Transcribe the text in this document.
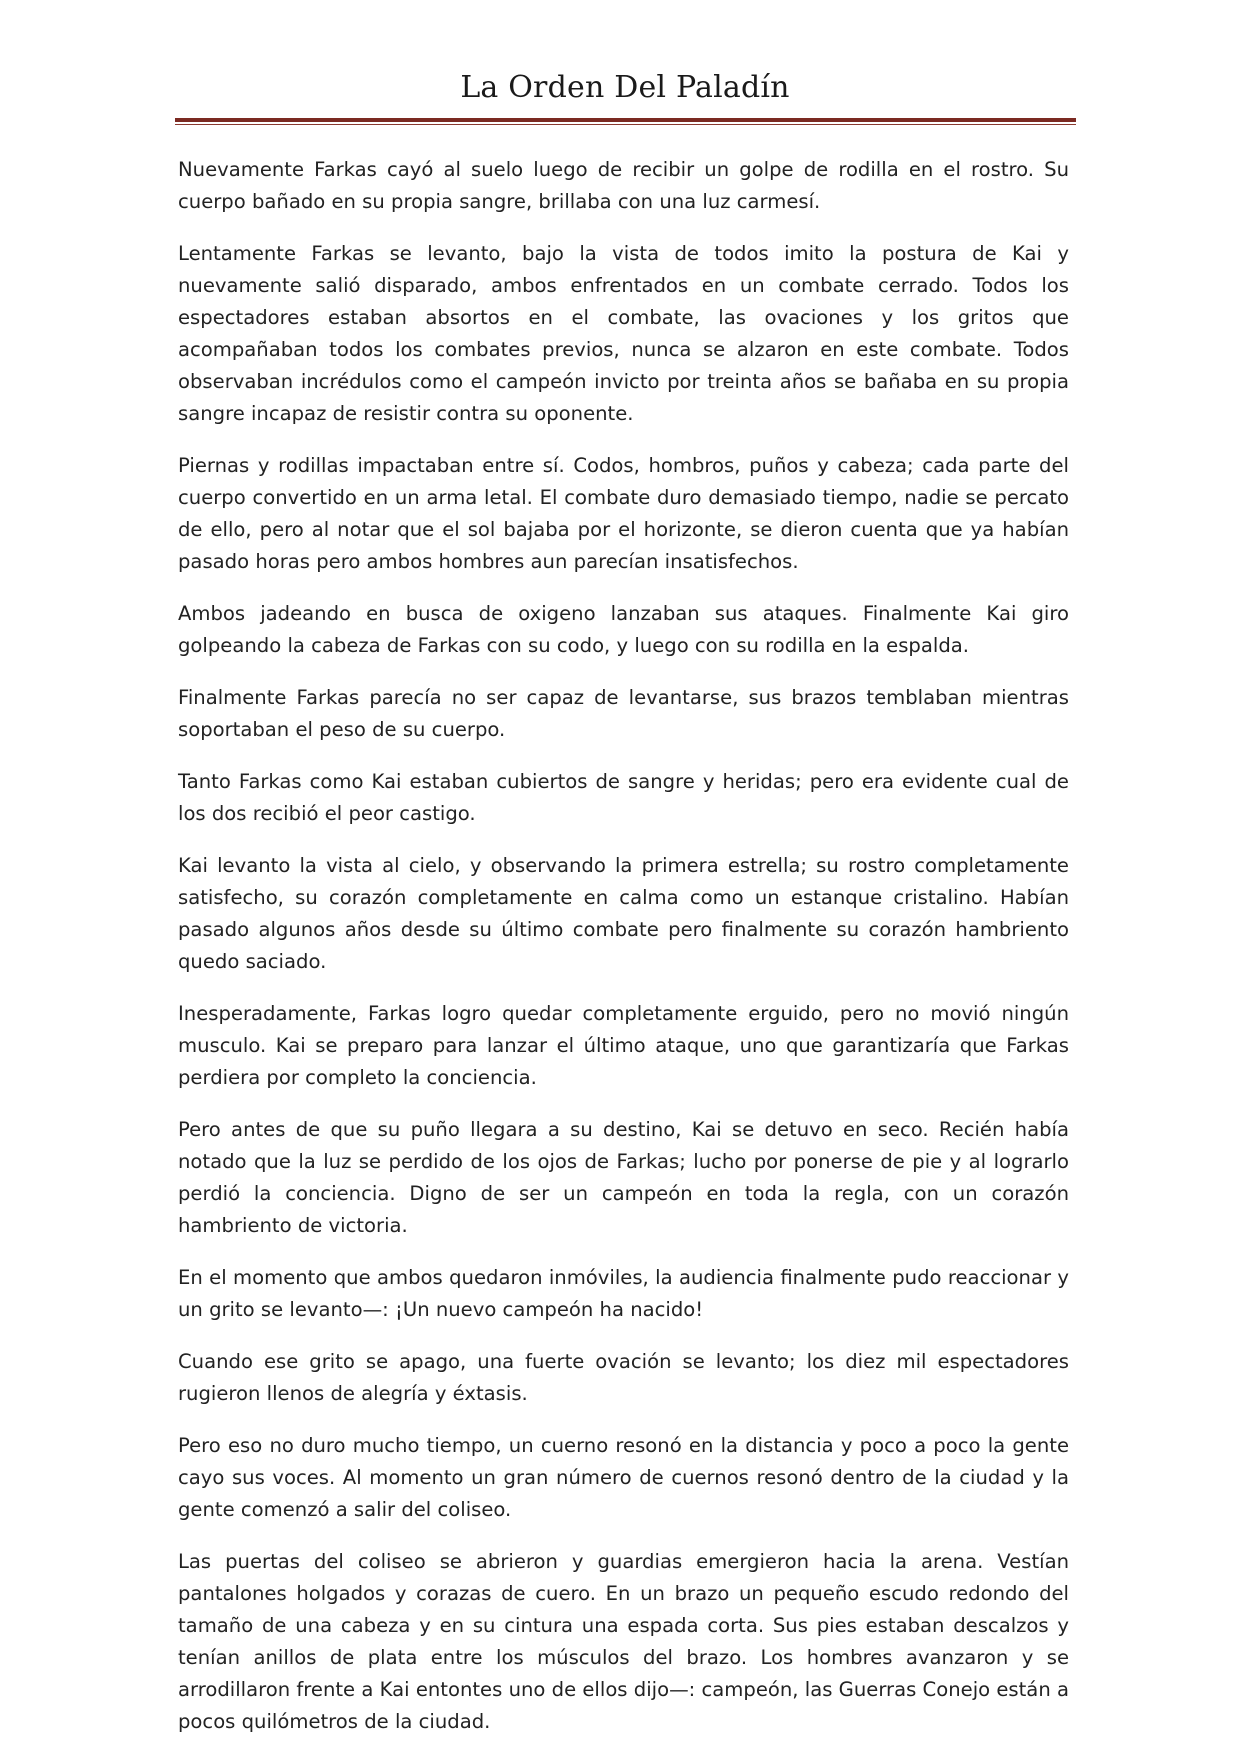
La Orden Del Paladín

Nuevamente Farkas cayó al suelo luego de recibir un golpe de rodilla en el rostro. Su cuerpo bañado en su propia sangre, brillaba con una luz carmesí.

Lentamente Farkas se levanto, bajo la vista de todos imito la postura de Kai y nuevamente salió disparado, ambos enfrentados en un combate cerrado. Todos los espectadores estaban absortos en el combate, las ovaciones y los gritos que acompañaban todos los combates previos, nunca se alzaron en este combate. Todos observaban incrédulos como el campeón invicto por treinta años se bañaba en su propia sangre incapaz de resistir contra su oponente.

Piernas y rodillas impactaban entre sí. Codos, hombros, puños y cabeza; cada parte del cuerpo convertido en un arma letal. El combate duro demasiado tiempo, nadie se percato de ello, pero al notar que el sol bajaba por el horizonte, se dieron cuenta que ya habían pasado horas pero ambos hombres aun parecían insatisfechos.

Ambos jadeando en busca de oxigeno lanzaban sus ataques. Finalmente Kai giro golpeando la cabeza de Farkas con su codo, y luego con su rodilla en la espalda.

Finalmente Farkas parecía no ser capaz de levantarse, sus brazos temblaban mientras soportaban el peso de su cuerpo.

Tanto Farkas como Kai estaban cubiertos de sangre y heridas; pero era evidente cual de los dos recibió el peor castigo.

Kai levanto la vista al cielo, y observando la primera estrella; su rostro completamente satisfecho, su corazón completamente en calma como un estanque cristalino. Habían pasado algunos años desde su último combate pero finalmente su corazón hambriento quedo saciado.

Inesperadamente, Farkas logro quedar completamente erguido, pero no movió ningún musculo. Kai se preparo para lanzar el último ataque, uno que garantizaría que Farkas perdiera por completo la conciencia.

Pero antes de que su puño llegara a su destino, Kai se detuvo en seco. Recién había notado que la luz se perdido de los ojos de Farkas; lucho por ponerse de pie y al lograrlo perdió la conciencia. Digno de ser un campeón en toda la regla, con un corazón hambriento de victoria.

En el momento que ambos quedaron inmóviles, la audiencia finalmente pudo reaccionar y un grito se levanto—: ¡Un nuevo campeón ha nacido!

Cuando ese grito se apago, una fuerte ovación se levanto; los diez mil espectadores rugieron llenos de alegría y éxtasis.

Pero eso no duro mucho tiempo, un cuerno resonó en la distancia y poco a poco la gente cayo sus voces. Al momento un gran número de cuernos resonó dentro de la ciudad y la gente comenzó a salir del coliseo.

Las puertas del coliseo se abrieron y guardias emergieron hacia la arena. Vestían pantalones holgados y corazas de cuero. En un brazo un pequeño escudo redondo del tamaño de una cabeza y en su cintura una espada corta. Sus pies estaban descalzos y tenían anillos de plata entre los músculos del brazo. Los hombres avanzaron y se arrodillaron frente a Kai entontes uno de ellos dijo—: campeón, las Guerras Conejo están a pocos quilómetros de la ciudad.
